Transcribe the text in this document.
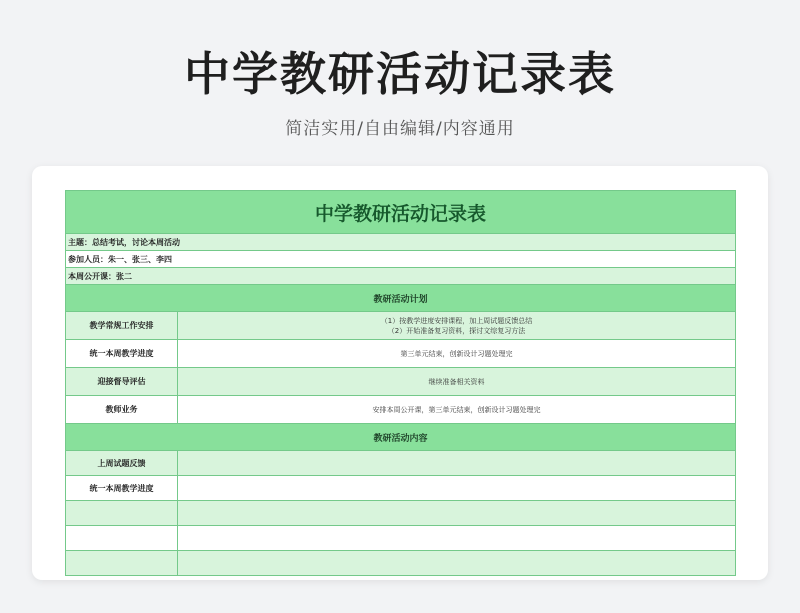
中学教研活动记录表
简洁实用/自由编辑/内容通用
中学教研活动记录表	
主题：总结考试，讨论本周活动	
参加人员：朱一、张三、李四	
本周公开课：张二	
教研活动计划	
教学常规工作安排	（1）按教学进度安排课程，加上周试题反馈总结
（2）开始准备复习资料，探讨文综复习方法

统一本周教学进度	第三单元结束，创新设计习题处理完

迎接督导评估	继续准备相关资料

教师业务	安排本周公开课，第三单元结束，创新设计习题处理完

教研活动内容	
上周试题反馈	
统一本周教学进度	
